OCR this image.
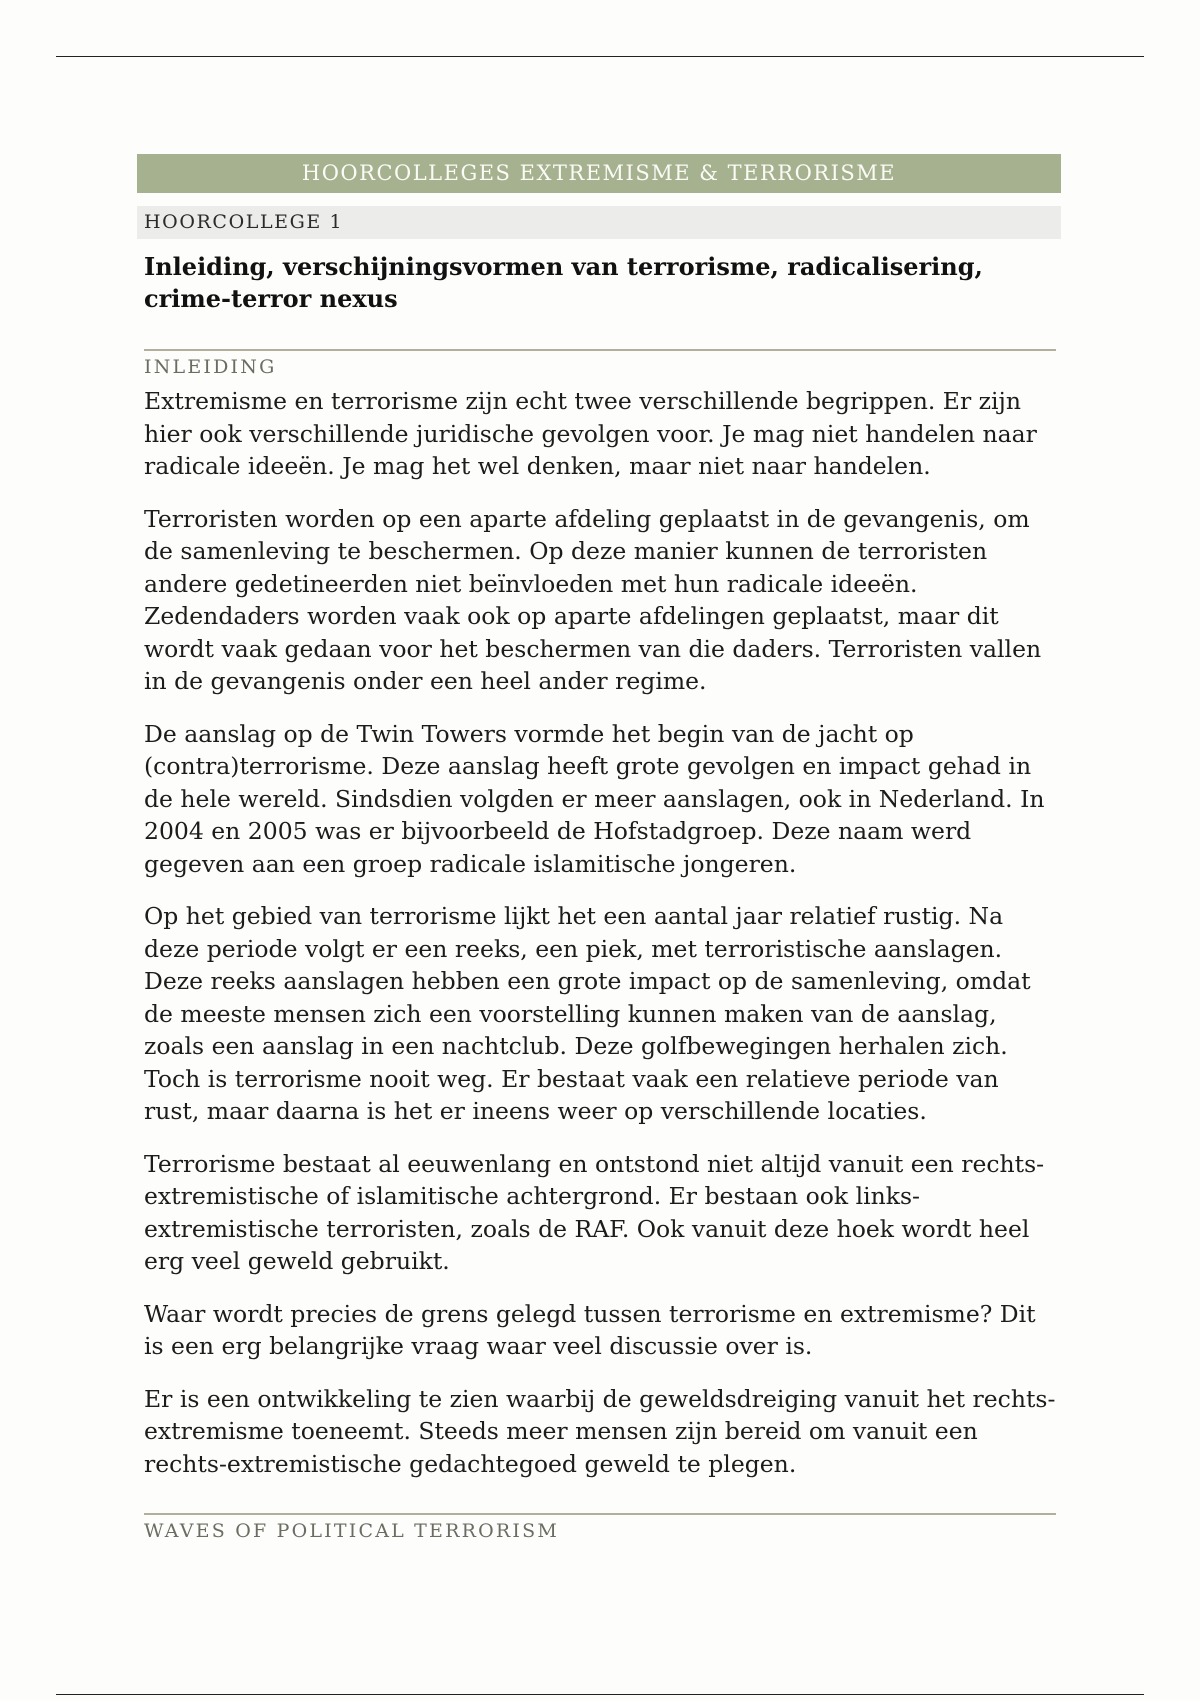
HOORCOLLEGES EXTREMISME & TERRORISME
HOORCOLLEGE 1
Inleiding, verschijningsvormen van terrorisme, radicalisering, crime-terror nexus
INLEIDING

Extremisme en terrorisme zijn echt twee verschillende begrippen. Er zijn hier ook verschillende juridische gevolgen voor. Je mag niet handelen naar radicale ideeën. Je mag het wel denken, maar niet naar handelen.

Terroristen worden op een aparte afdeling geplaatst in de gevangenis, om de samenleving te beschermen. Op deze manier kunnen de terroristen andere gedetineerden niet beïnvloeden met hun radicale ideeën. Zedendaders worden vaak ook op aparte afdelingen geplaatst, maar dit wordt vaak gedaan voor het beschermen van die daders. Terroristen vallen in de gevangenis onder een heel ander regime.

De aanslag op de Twin Towers vormde het begin van de jacht op (contra)terrorisme. Deze aanslag heeft grote gevolgen en impact gehad in de hele wereld. Sindsdien volgden er meer aanslagen, ook in Nederland. In 2004 en 2005 was er bijvoorbeeld de Hofstadgroep. Deze naam werd gegeven aan een groep radicale islamitische jongeren.

Op het gebied van terrorisme lijkt het een aantal jaar relatief rustig. Na deze periode volgt er een reeks, een piek, met terroristische aanslagen. Deze reeks aanslagen hebben een grote impact op de samenleving, omdat de meeste mensen zich een voorstelling kunnen maken van de aanslag, zoals een aanslag in een nachtclub. Deze golfbewegingen herhalen zich. Toch is terrorisme nooit weg. Er bestaat vaak een relatieve periode van rust, maar daarna is het er ineens weer op verschillende locaties.

Terrorisme bestaat al eeuwenlang en ontstond niet altijd vanuit een rechts-extremistische of islamitische achtergrond. Er bestaan ook links-extremistische terroristen, zoals de RAF. Ook vanuit deze hoek wordt heel erg veel geweld gebruikt.

Waar wordt precies de grens gelegd tussen terrorisme en extremisme? Dit is een erg belangrijke vraag waar veel discussie over is.

Er is een ontwikkeling te zien waarbij de geweldsdreiging vanuit het rechts-extremisme toeneemt. Steeds meer mensen zijn bereid om vanuit een rechts-extremistische gedachtegoed geweld te plegen.

WAVES OF POLITICAL TERRORISM
